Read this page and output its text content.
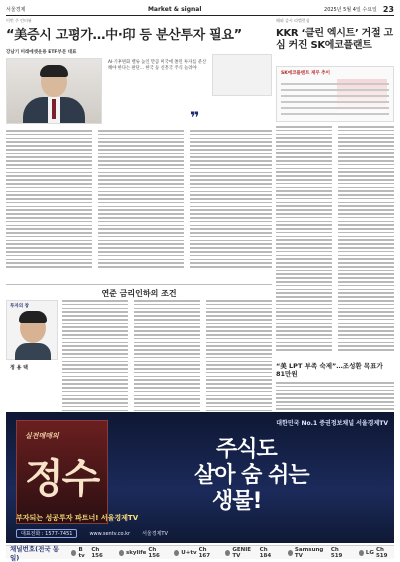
서울경제	Market & signal	2025년 5월 4일 수요일 23
이번 주 인터뷰
“美증시 고평가…中·印 등 분산투자 필요”
강남기 미래에셋운용 ETF부문 대표
AI·기후변화 밸류 높인 만큼 미국에 쏠린 투자를 분산해야 한다는 판단… 한국 등 신흥국 주식 늘려야
❞
연준 금리인하의 조건
투자의 창
정 용 택
해외 증시 리밸런싱
KKR ‘클린 엑시트’ 거절 고심 커진 SK에코플랜트
SK에코플랜트 재무 추이
“美 LPT 부족 숙제”…조성환 목표가 81만원
대한민국 No.1 증권정보채널 서울경제TV
실전매매의
정수
주식도
살아 숨 쉬는
생물!
부자되는 성공투자 파트너! 서울경제TV
대표전화 : 1577-7451	www.sentv.co.kr 서울경제TV
채널번호(전국 동일)
B tv
Ch 156	skylife Ch 156	U+tv Ch 167
GENIE TV
Ch 184
Samsung TV
Ch 519	LG Ch 519
